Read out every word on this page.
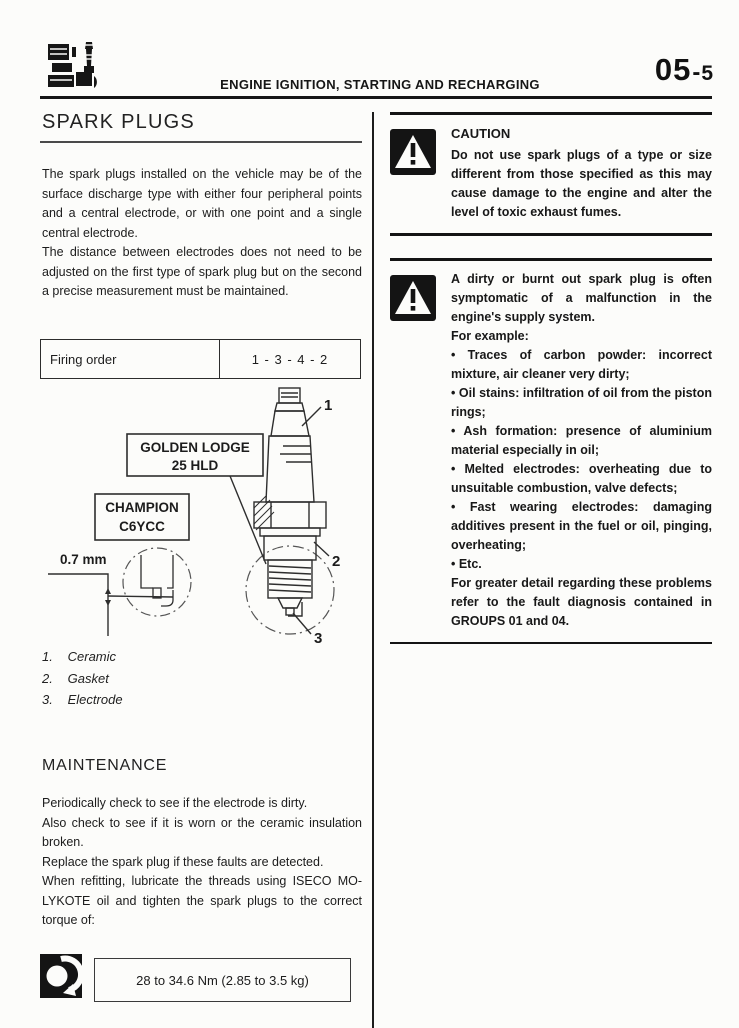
ENGINE IGNITION, STARTING AND RECHARGING	05 - 5
SPARK PLUGS

The spark plugs installed on the vehicle may be of the surface discharge type with either four peripheral points and a central electrode, or with one point and a single central electrode.

The distance between electrodes does not need to be adjusted on the first type of spark plug but on the second a precise measurement must be maintained.

Firing order	1 - 3 - 4 - 2
GOLDEN LODGE
25 HLD
CHAMPION
C6YCC
0.7 mm
1
2
3
1. Ceramic
2. Gasket
3. Electrode
MAINTENANCE

Periodically check to see if the electrode is dirty.

Also check to see if it is worn or the ceramic insulation broken.

Replace the spark plug if these faults are detected.

When refitting, lubricate the threads using ISECO MO-LYKOTE oil and tighten the spark plugs to the correct torque of:

28 to 34.6 Nm (2.85 to 3.5 kg)
CAUTION

Do not use spark plugs of a type or size different from those specified as this may cause damage to the engine and alter the level of toxic exhaust fumes.

A dirty or burnt out spark plug is often symptomatic of a malfunction in the engine's supply system.

For example:

• Traces of carbon powder: incorrect mixture, air cleaner very dirty;

• Oil stains: infiltration of oil from the piston rings;

• Ash formation: presence of aluminium material especially in oil;

• Melted electrodes: overheating due to unsuitable combustion, valve defects;

• Fast wearing electrodes: damaging additives present in the fuel or oil, pinging, overheating;

• Etc.

For greater detail regarding these problems refer to the fault diagnosis contained in GROUPS 01 and 04.
